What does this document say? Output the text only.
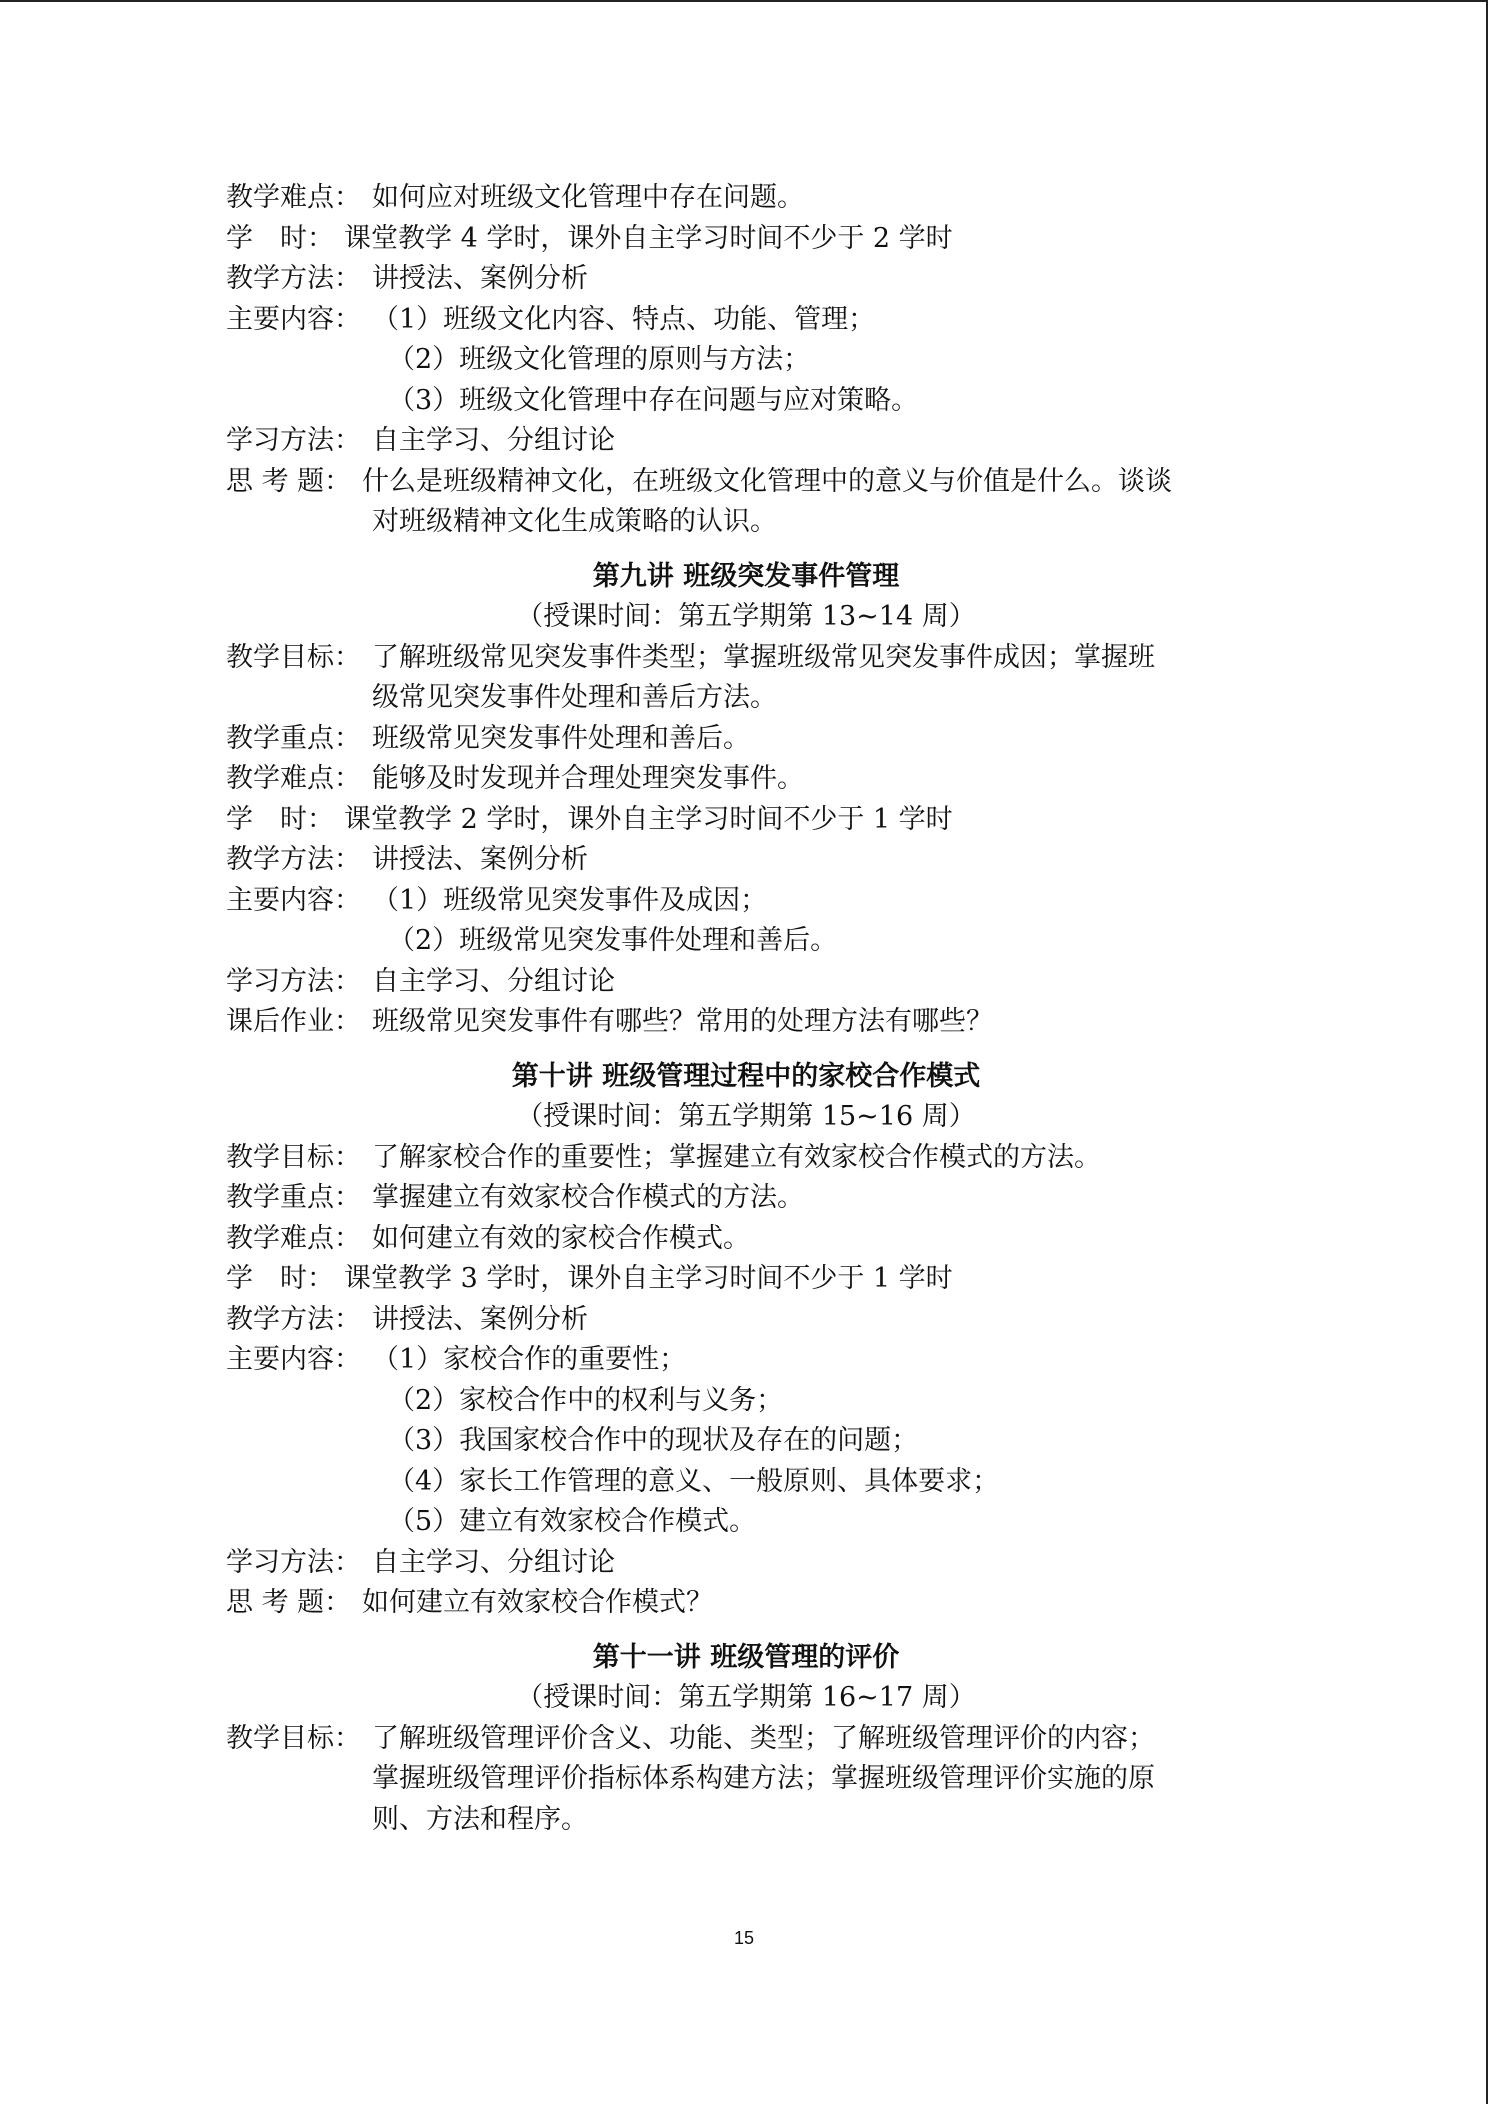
教学难点： 如何应对班级文化管理中存在问题。
学　时： 课堂教学 4 学时，课外自主学习时间不少于 2 学时
教学方法： 讲授法、案例分析
主要内容： （1）班级文化内容、特点、功能、管理；
（2）班级文化管理的原则与方法；
（3）班级文化管理中存在问题与应对策略。
学习方法： 自主学习、分组讨论
思 考 题： 什么是班级精神文化，在班级文化管理中的意义与价值是什么。谈谈
对班级精神文化生成策略的认识。
第九讲 班级突发事件管理
（授课时间：第五学期第 13~14 周）
教学目标： 了解班级常见突发事件类型；掌握班级常见突发事件成因；掌握班
级常见突发事件处理和善后方法。
教学重点： 班级常见突发事件处理和善后。
教学难点： 能够及时发现并合理处理突发事件。
学　时： 课堂教学 2 学时，课外自主学习时间不少于 1 学时
教学方法： 讲授法、案例分析
主要内容： （1）班级常见突发事件及成因；
（2）班级常见突发事件处理和善后。
学习方法： 自主学习、分组讨论
课后作业： 班级常见突发事件有哪些？常用的处理方法有哪些？
第十讲 班级管理过程中的家校合作模式
（授课时间：第五学期第 15~16 周）
教学目标： 了解家校合作的重要性；掌握建立有效家校合作模式的方法。
教学重点： 掌握建立有效家校合作模式的方法。
教学难点： 如何建立有效的家校合作模式。
学　时： 课堂教学 3 学时，课外自主学习时间不少于 1 学时
教学方法： 讲授法、案例分析
主要内容： （1）家校合作的重要性；
（2）家校合作中的权利与义务；
（3）我国家校合作中的现状及存在的问题；
（4）家长工作管理的意义、一般原则、具体要求；
（5）建立有效家校合作模式。
学习方法： 自主学习、分组讨论
思 考 题： 如何建立有效家校合作模式？
第十一讲 班级管理的评价
（授课时间：第五学期第 16~17 周）
教学目标： 了解班级管理评价含义、功能、类型；了解班级管理评价的内容；
掌握班级管理评价指标体系构建方法；掌握班级管理评价实施的原
则、方法和程序。
15
